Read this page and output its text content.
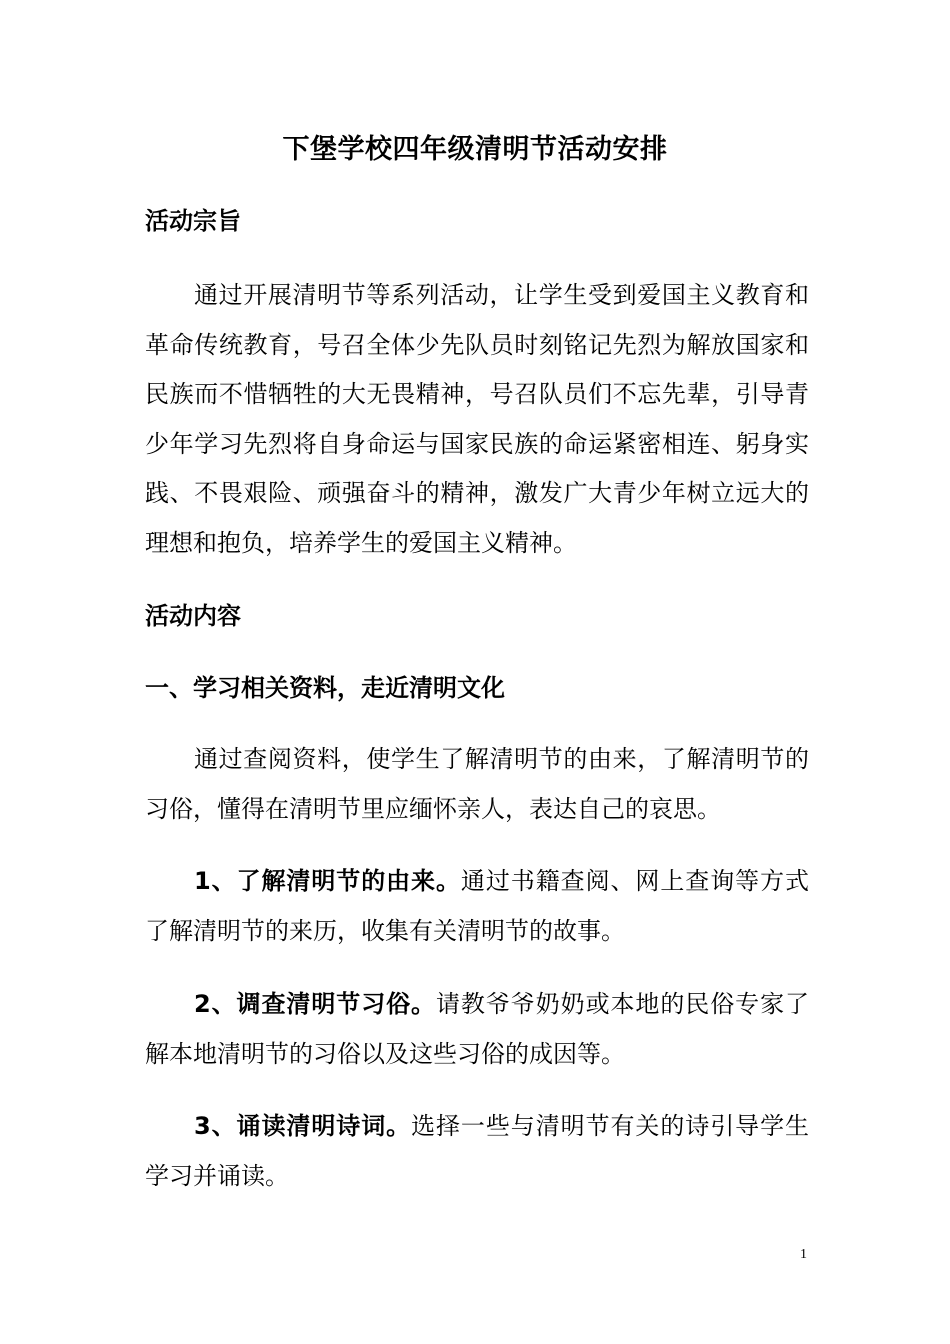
下堡学校四年级清明节活动安排
活动宗旨

通过开展清明节等系列活动，让学生受到爱国主义教育和革命传统教育，号召全体少先队员时刻铭记先烈为解放国家和民族而不惜牺牲的大无畏精神，号召队员们不忘先辈，引导青少年学习先烈将自身命运与国家民族的命运紧密相连、躬身实践、不畏艰险、顽强奋斗的精神，激发广大青少年树立远大的理想和抱负，培养学生的爱国主义精神。

活动内容
一、学习相关资料，走近清明文化

通过查阅资料，使学生了解清明节的由来，了解清明节的习俗，懂得在清明节里应缅怀亲人，表达自己的哀思。

1、了解清明节的由来。通过书籍查阅、网上查询等方式了解清明节的来历，收集有关清明节的故事。

2、调查清明节习俗。请教爷爷奶奶或本地的民俗专家了解本地清明节的习俗以及这些习俗的成因等。

3、诵读清明诗词。选择一些与清明节有关的诗引导学生学习并诵读。

1
